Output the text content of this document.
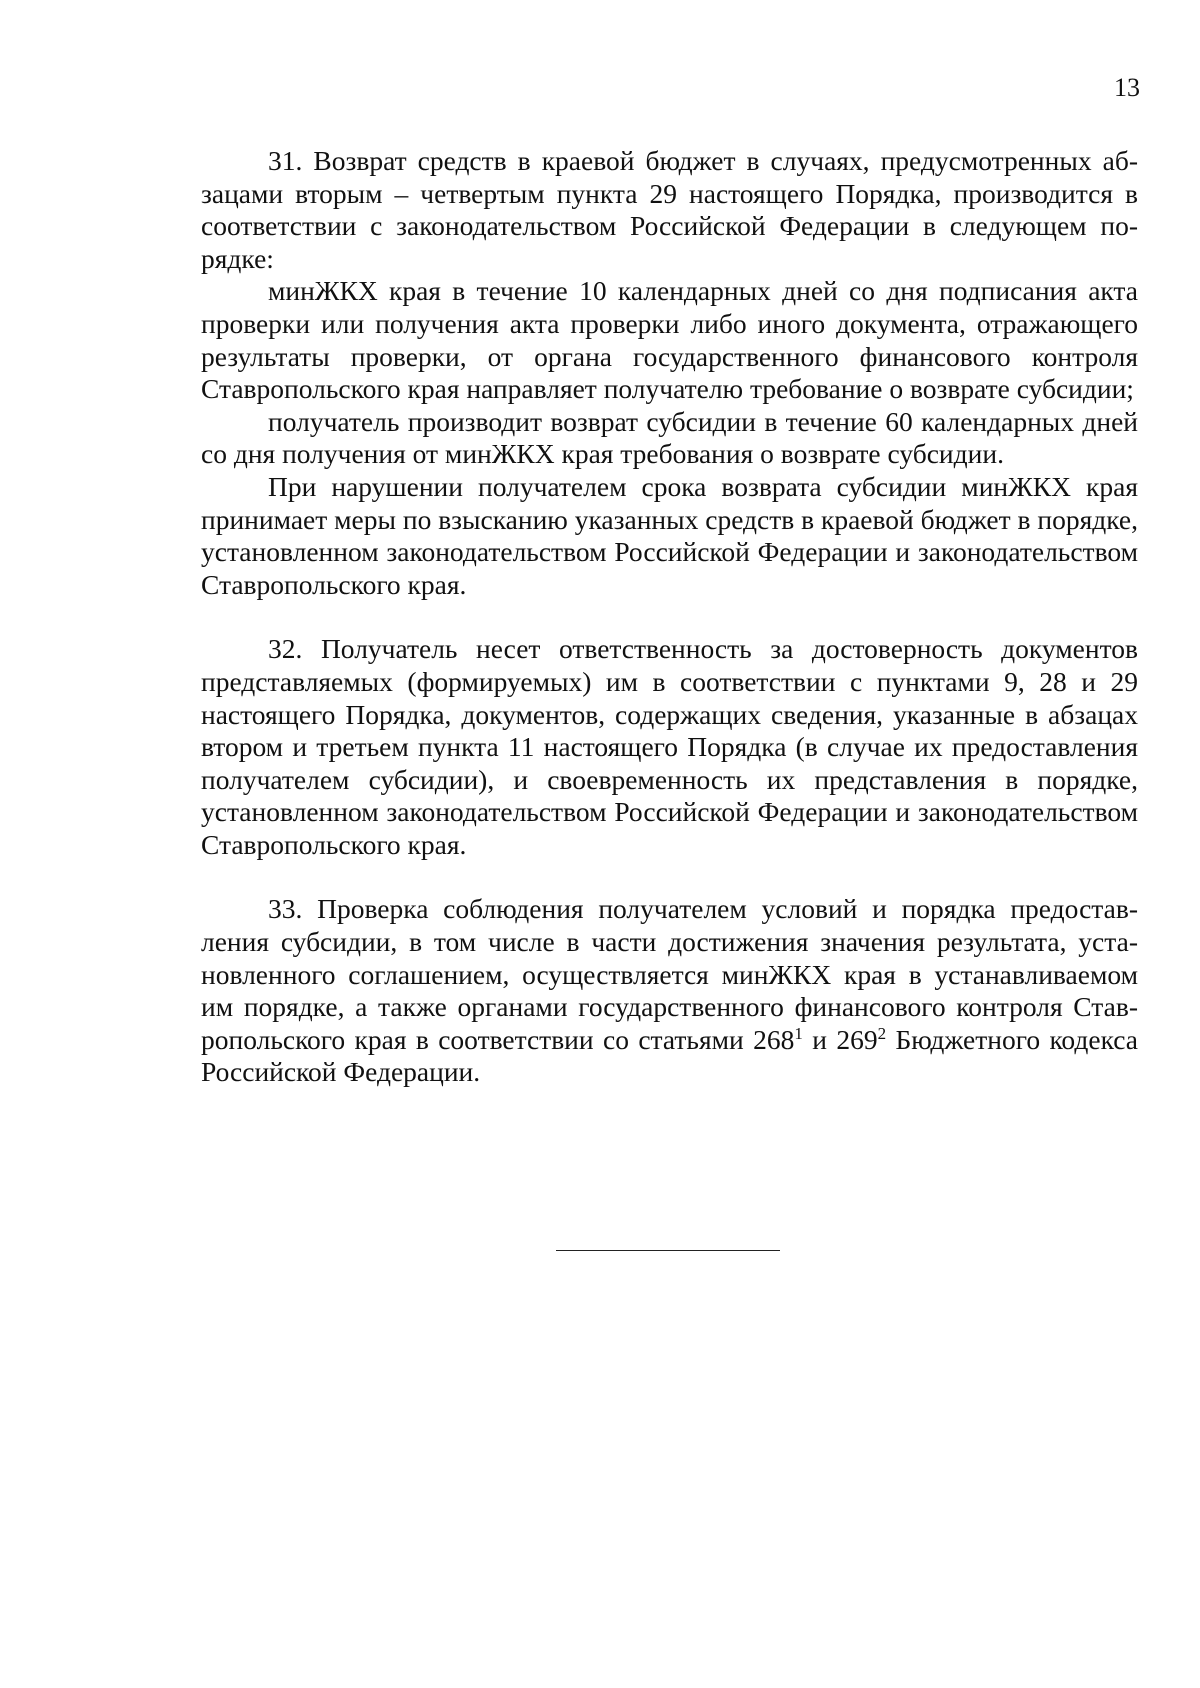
13

31. Возврат средств в краевой бюджет в случаях, предусмотренных абзацами вторым – четвертым пункта 29 настоящего Порядка, производится в соответствии с законодательством Российской Федерации в следующем порядке:

минЖКХ края в течение 10 календарных дней со дня подписания акта проверки или получения акта проверки либо иного документа, отражающего результаты проверки, от органа государственного финансового контроля Ставропольского края направляет получателю требование о возврате субсидии;

получатель производит возврат субсидии в течение 60 календарных дней со дня получения от минЖКХ края требования о возврате субсидии.

При нарушении получателем срока возврата субсидии минЖКХ края принимает меры по взысканию указанных средств в краевой бюджет в порядке, установленном законодательством Российской Федерации и законодательством Ставропольского края.

32. Получатель несет ответственность за достоверность документов представляемых (формируемых) им в соответствии с пунктами 9, 28 и 29 настоящего Порядка, документов, содержащих сведения, указанные в абзацах втором и третьем пункта 11 настоящего Порядка (в случае их предоставления получателем субсидии), и своевременность их представления в порядке, установленном законодательством Российской Федерации и законодательством Ставропольского края.

33. Проверка соблюдения получателем условий и порядка предоставления субсидии, в том числе в части достижения значения результата, установленного соглашением, осуществляется минЖКХ края в устанавливаемом им порядке, а также органами государственного финансового контроля Ставропольского края в соответствии со статьями $268^1$ и $269^2$ Бюджетного кодекса Российской Федерации.
